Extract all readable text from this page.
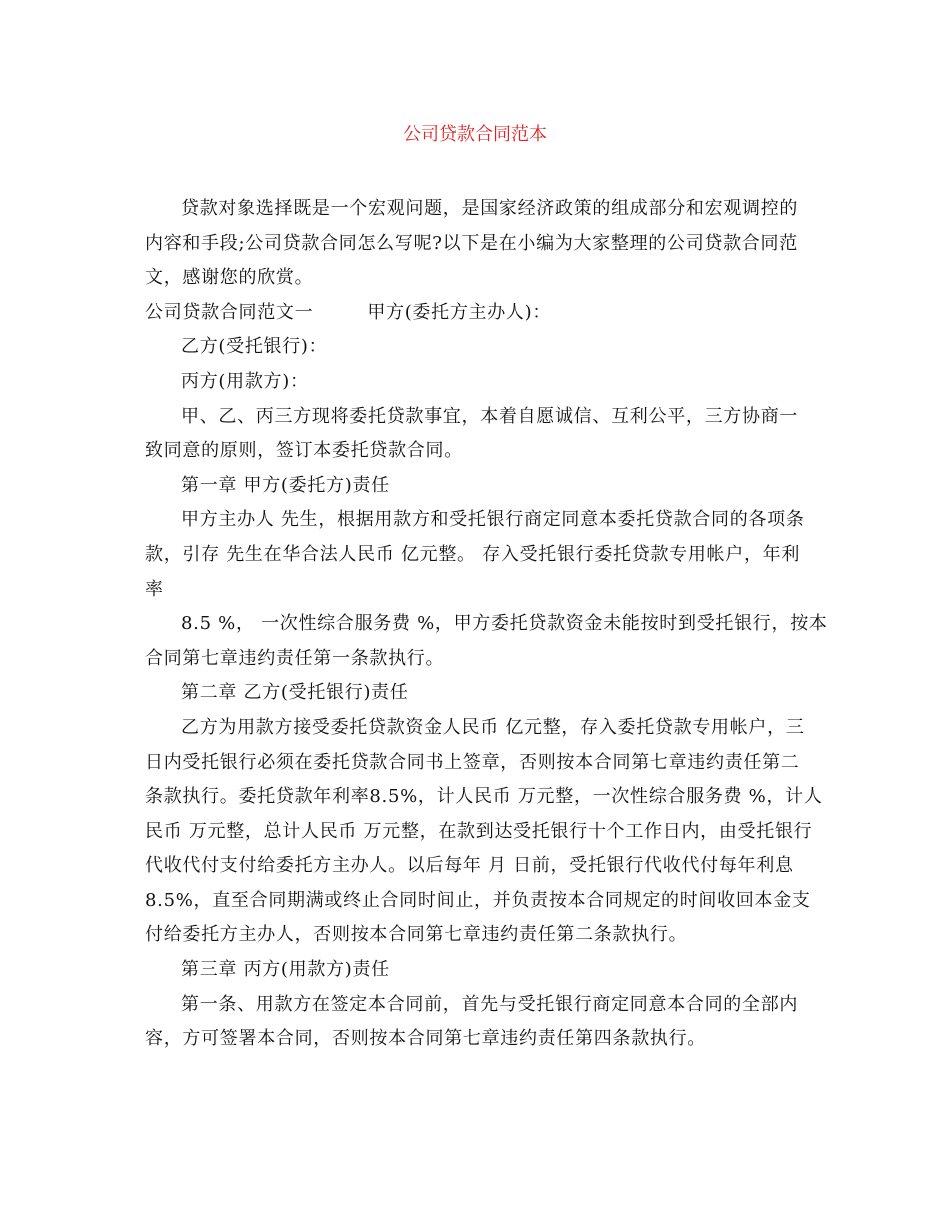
公司贷款合同范本

贷款对象选择既是一个宏观问题，是国家经济政策的组成部分和宏观调控的
内容和手段;公司贷款合同怎么写呢?以下是在小编为大家整理的公司贷款合同范
文，感谢您的欣赏。

公司贷款合同范文一	甲方(委托方主办人)：

乙方(受托银行)：

丙方(用款方)：

甲、乙、丙三方现将委托贷款事宜，本着自愿诚信、互利公平，三方协商一
致同意的原则，签订本委托贷款合同。

第一章 甲方(委托方)责任

甲方主办人 先生，根据用款方和受托银行商定同意本委托贷款合同的各项条
款，引存 先生在华合法人民币 亿元整。 存入受托银行委托贷款专用帐户，年利
率

8.5 %， 一次性综合服务费 %，甲方委托贷款资金未能按时到受托银行，按本
合同第七章违约责任第一条款执行。

第二章 乙方(受托银行)责任

乙方为用款方接受委托贷款资金人民币 亿元整，存入委托贷款专用帐户，三
日内受托银行必须在委托贷款合同书上签章，否则按本合同第七章违约责任第二
条款执行。委托贷款年利率8.5%，计人民币 万元整，一次性综合服务费 %，计人
民币 万元整，总计人民币 万元整，在款到达受托银行十个工作日内，由受托银行
代收代付支付给委托方主办人。以后每年 月 日前，受托银行代收代付每年利息
8.5%，直至合同期满或终止合同时间止，并负责按本合同规定的时间收回本金支
付给委托方主办人，否则按本合同第七章违约责任第二条款执行。

第三章 丙方(用款方)责任

第一条、用款方在签定本合同前，首先与受托银行商定同意本合同的全部内
容，方可签署本合同，否则按本合同第七章违约责任第四条款执行。
